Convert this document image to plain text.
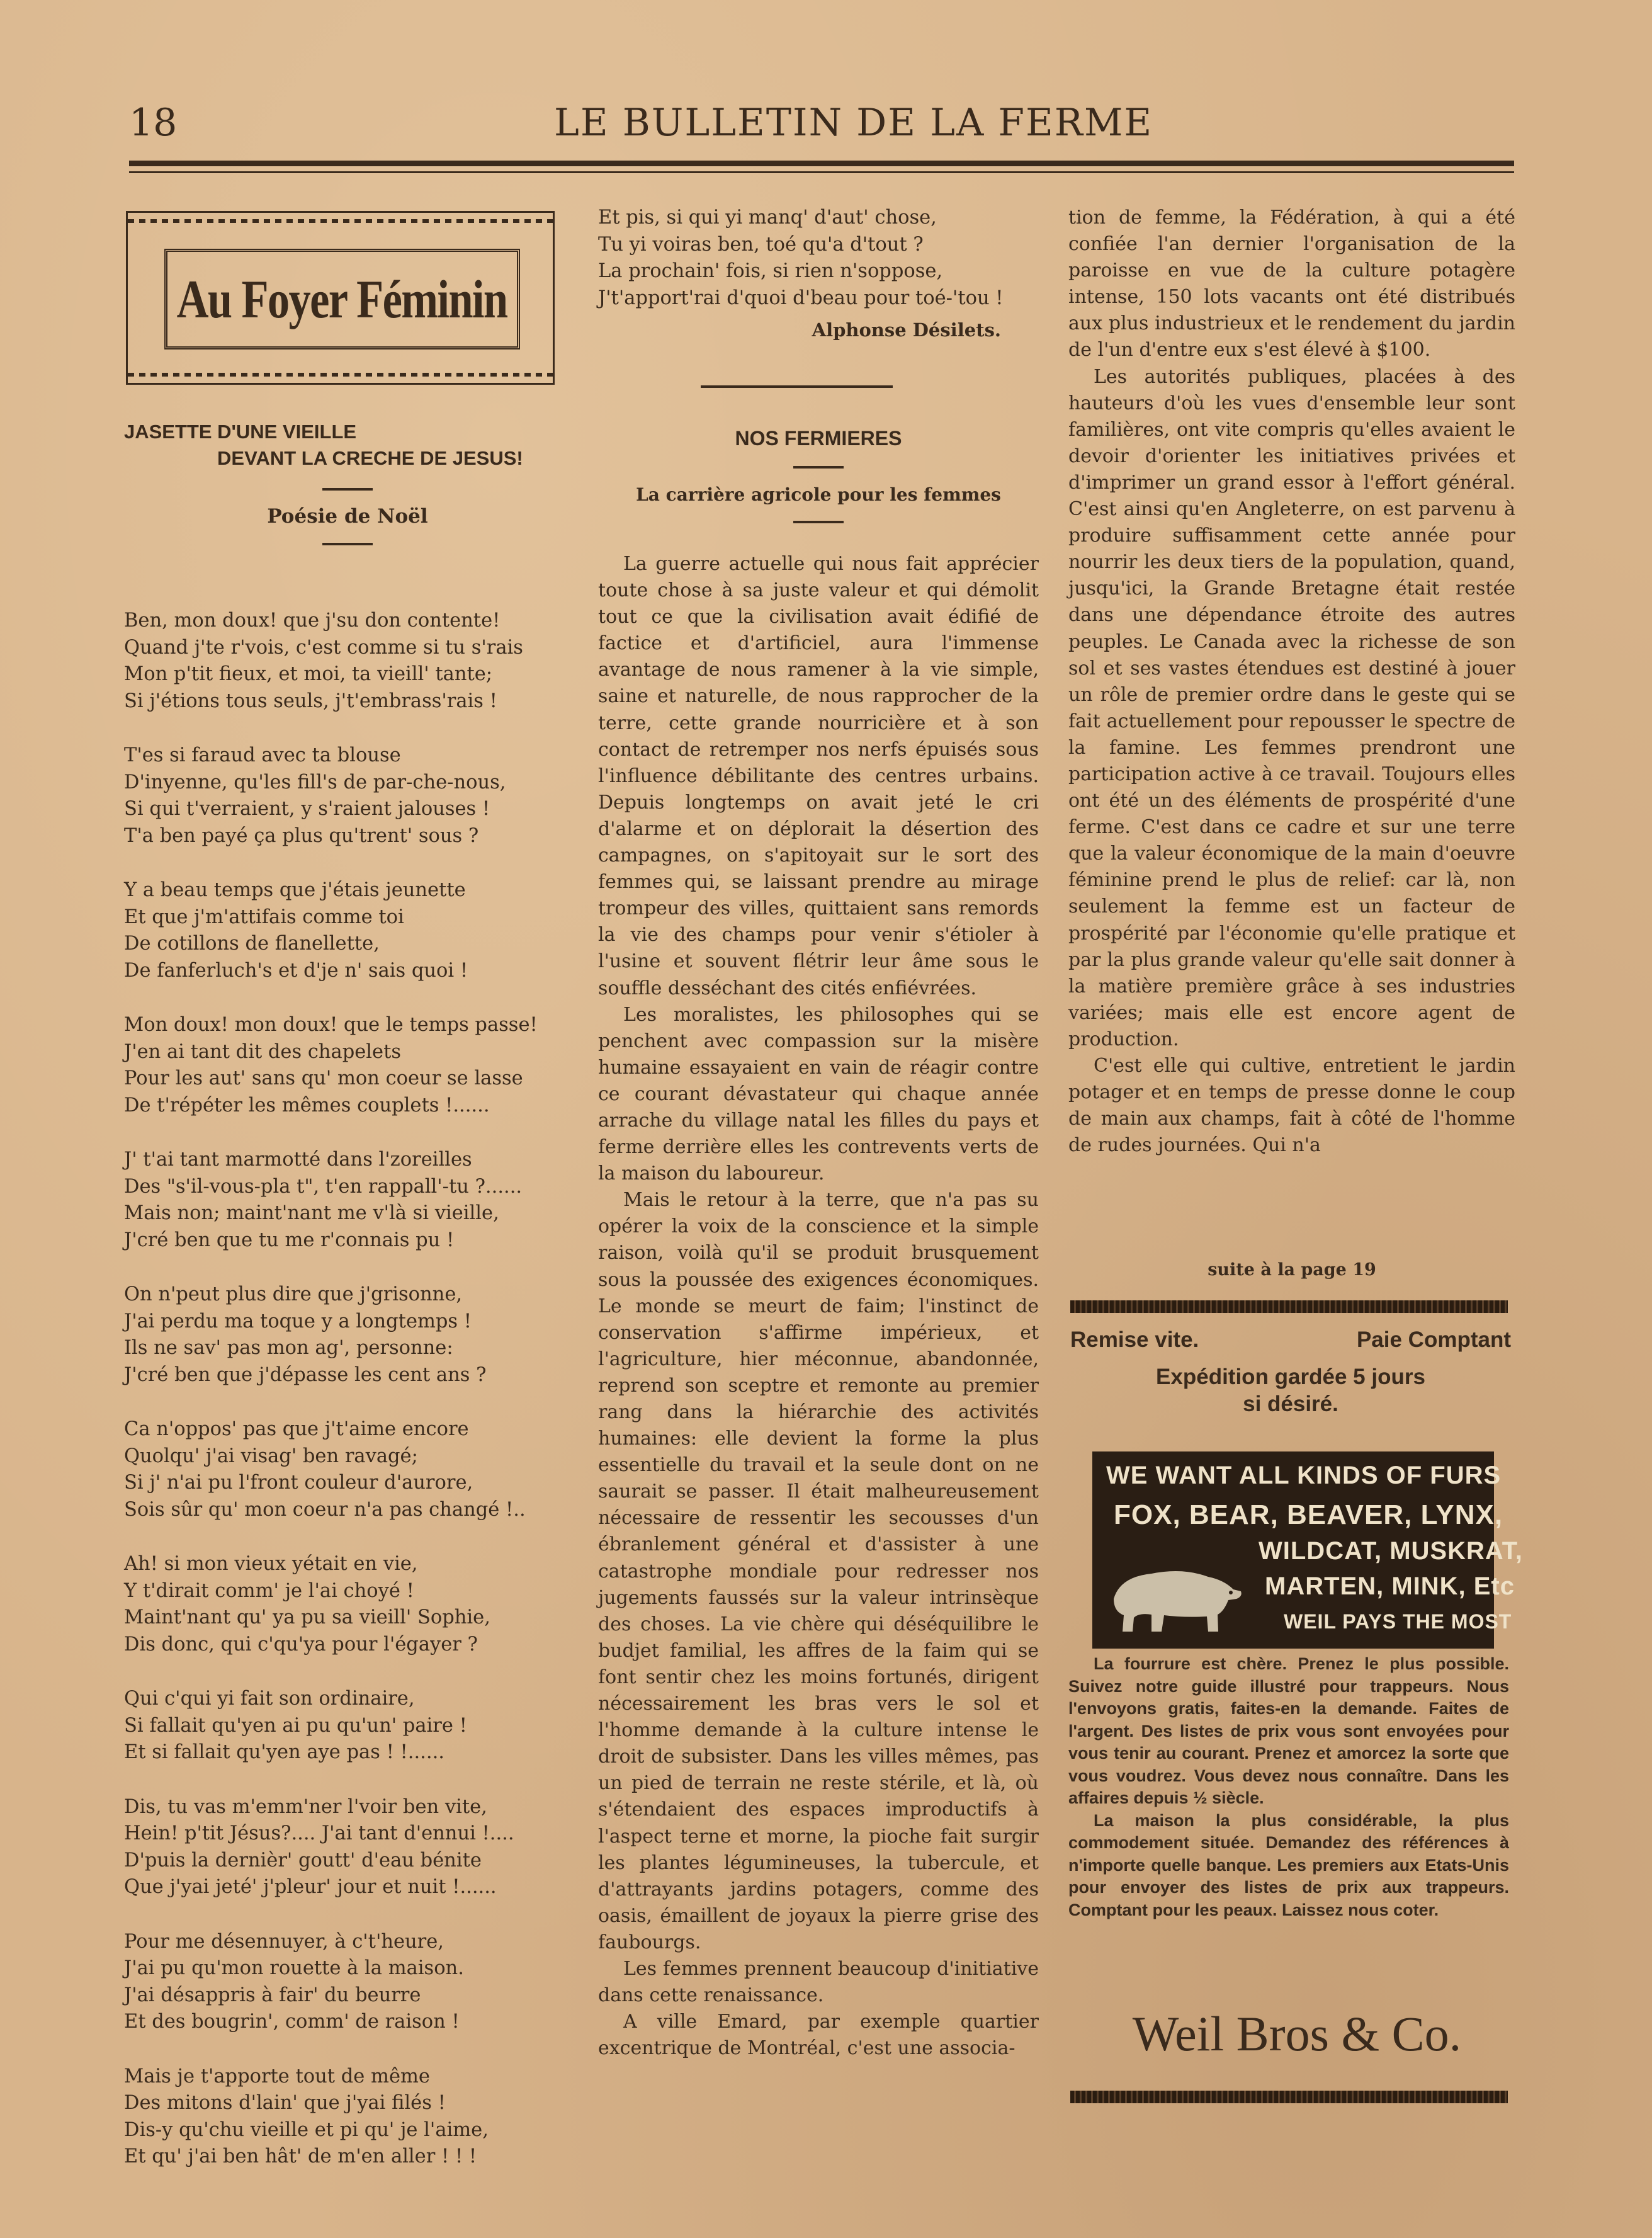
18	LE BULLETIN DE LA FERME
Au Foyer Féminin
JASETTE D'UNE VIEILLE
DEVANT LA CRECHE DE JESUS!
Poésie de Noël

Ben, mon doux! que j'su don contente!
Quand j'te r'vois, c'est comme si tu s'rais
Mon p'tit fieux, et moi, ta vieill' tante;
Si j'étions tous seuls, j't'embrass'rais !

T'es si faraud avec ta blouse
D'inyenne, qu'les fill's de par-che-nous,
Si qui t'verraient, y s'raient jalouses !
T'a ben payé ça plus qu'trent' sous ?

Y a beau temps que j'étais jeunette
Et que j'm'attifais comme toi
De cotillons de flanellette,
De fanferluch's et d'je n' sais quoi !

Mon doux! mon doux! que le temps passe!
J'en ai tant dit des chapelets
Pour les aut' sans qu' mon coeur se lasse
De t'répéter les mêmes couplets !......

J' t'ai tant marmotté dans l'zoreilles
Des "s'il-vous-pla t", t'en rappall'-tu ?......
Mais non; maint'nant me v'là si vieille,
J'cré ben que tu me r'connais pu !

On n'peut plus dire que j'grisonne,
J'ai perdu ma toque y a longtemps !
Ils ne sav' pas mon ag', personne:
J'cré ben que j'dépasse les cent ans ?

Ca n'oppos' pas que j't'aime encore
Quolqu' j'ai visag' ben ravagé;
Si j' n'ai pu l'front couleur d'aurore,
Sois sûr qu' mon coeur n'a pas changé !..

Ah! si mon vieux yétait en vie,
Y t'dirait comm' je l'ai choyé !
Maint'nant qu' ya pu sa vieill' Sophie,
Dis donc, qui c'qu'ya pour l'égayer ?

Qui c'qui yi fait son ordinaire,
Si fallait qu'yen ai pu qu'un' paire !
Et si fallait qu'yen aye pas ! !......

Dis, tu vas m'emm'ner l'voir ben vite,
Hein! p'tit Jésus?.... J'ai tant d'ennui !....
D'puis la dernièr' goutt' d'eau bénite
Que j'yai jeté' j'pleur' jour et nuit !......

Pour me désennuyer, à c't'heure,
J'ai pu qu'mon rouette à la maison.
J'ai désappris à fair' du beurre
Et des bougrin', comm' de raison !

Mais je t'apporte tout de même
Des mitons d'lain' que j'yai filés !
Dis-y qu'chu vieille et pi qu' je l'aime,
Et qu' j'ai ben hât' de m'en aller ! ! !

Et pis, si qui yi manq' d'aut' chose,
Tu yi voiras ben, toé qu'a d'tout ?
La prochain' fois, si rien n'soppose,
J't'apport'rai d'quoi d'beau pour toé-'tou !

Alphonse Désilets.
NOS FERMIERES
La carrière agricole pour les femmes

La guerre actuelle qui nous fait apprécier toute chose à sa juste valeur et qui démolit tout ce que la civilisation avait édifié de factice et d'artificiel, aura l'immense avantage de nous ramener à la vie simple, saine et naturelle, de nous rapprocher de la terre, cette grande nourricière et à son contact de retremper nos nerfs épuisés sous l'influence débilitante des centres urbains. Depuis longtemps on avait jeté le cri d'alarme et on déplorait la désertion des campagnes, on s'apitoyait sur le sort des femmes qui, se laissant prendre au mirage trompeur des villes, quittaient sans remords la vie des champs pour venir s'étioler à l'usine et souvent flétrir leur âme sous le souffle desséchant des cités enfiévrées.

Les moralistes, les philosophes qui se penchent avec compassion sur la misère humaine essayaient en vain de réagir contre ce courant dévastateur qui chaque année arrache du village natal les filles du pays et ferme derrière elles les contrevents verts de la maison du laboureur.

Mais le retour à la terre, que n'a pas su opérer la voix de la conscience et la simple raison, voilà qu'il se produit brusquement sous la poussée des exigences économiques. Le monde se meurt de faim; l'instinct de conservation s'affirme impérieux, et l'agriculture, hier méconnue, abandonnée, reprend son sceptre et remonte au premier rang dans la hiérarchie des activités humaines: elle devient la forme la plus essentielle du travail et la seule dont on ne saurait se passer. Il était malheureusement nécessaire de ressentir les secousses d'un ébranlement général et d'assister à une catastrophe mondiale pour redresser nos jugements faussés sur la valeur intrinsèque des choses. La vie chère qui déséquilibre le budjet familial, les affres de la faim qui se font sentir chez les moins fortunés, dirigent nécessairement les bras vers le sol et l'homme demande à la culture intense le droit de subsister. Dans les villes mêmes, pas un pied de terrain ne reste stérile, et là, où s'étendaient des espaces improductifs à l'aspect terne et morne, la pioche fait surgir les plantes légumineuses, la tubercule, et d'attrayants jardins potagers, comme des oasis, émaillent de joyaux la pierre grise des faubourgs.

Les femmes prennent beaucoup d'initiative dans cette renaissance.

A ville Emard, par exemple quartier excentrique de Montréal, c'est une associa-

tion de femme, la Fédération, à qui a été confiée l'an dernier l'organisation de la paroisse en vue de la culture potagère intense, 150 lots vacants ont été distribués aux plus industrieux et le rendement du jardin de l'un d'entre eux s'est élevé à $100.

Les autorités publiques, placées à des hauteurs d'où les vues d'ensemble leur sont familières, ont vite compris qu'elles avaient le devoir d'orienter les initiatives privées et d'imprimer un grand essor à l'effort général. C'est ainsi qu'en Angleterre, on est parvenu à produire suffisamment cette année pour nourrir les deux tiers de la population, quand, jusqu'ici, la Grande Bretagne était restée dans une dépendance étroite des autres peuples. Le Canada avec la richesse de son sol et ses vastes étendues est destiné à jouer un rôle de premier ordre dans le geste qui se fait actuellement pour repousser le spectre de la famine. Les femmes prendront une participation active à ce travail. Toujours elles ont été un des éléments de prospérité d'une ferme. C'est dans ce cadre et sur une terre que la valeur économique de la main d'oeuvre féminine prend le plus de relief: car là, non seulement la femme est un facteur de prospérité par l'économie qu'elle pratique et par la plus grande valeur qu'elle sait donner à la matière première grâce à ses industries variées; mais elle est encore agent de production.

C'est elle qui cultive, entretient le jardin potager et en temps de presse donne le coup de main aux champs, fait à côté de l'homme de rudes journées. Qui n'a

suite à la page 19
Remise vite.	Paie Comptant
Expédition gardée 5 jours
si désiré.
WE WANT ALL KINDS OF FURS
FOX, BEAR, BEAVER, LYNX,
WILDCAT, MUSKRAT,
MARTEN, MINK, Etc
WEIL PAYS THE MOST

La fourrure est chère. Prenez le plus possible. Suivez notre guide illustré pour trappeurs. Nous l'envoyons gratis, faites-en la demande. Faites de l'argent. Des listes de prix vous sont envoyées pour vous tenir au courant. Prenez et amorcez la sorte que vous voudrez. Vous devez nous connaître. Dans les affaires depuis ½ siècle.

La maison la plus considérable, la plus commodement située. Demandez des références à n'importe quelle banque. Les premiers aux Etats-Unis pour envoyer des listes de prix aux trappeurs. Comptant pour les peaux. Laissez nous coter.

Weil Bros & Co.
